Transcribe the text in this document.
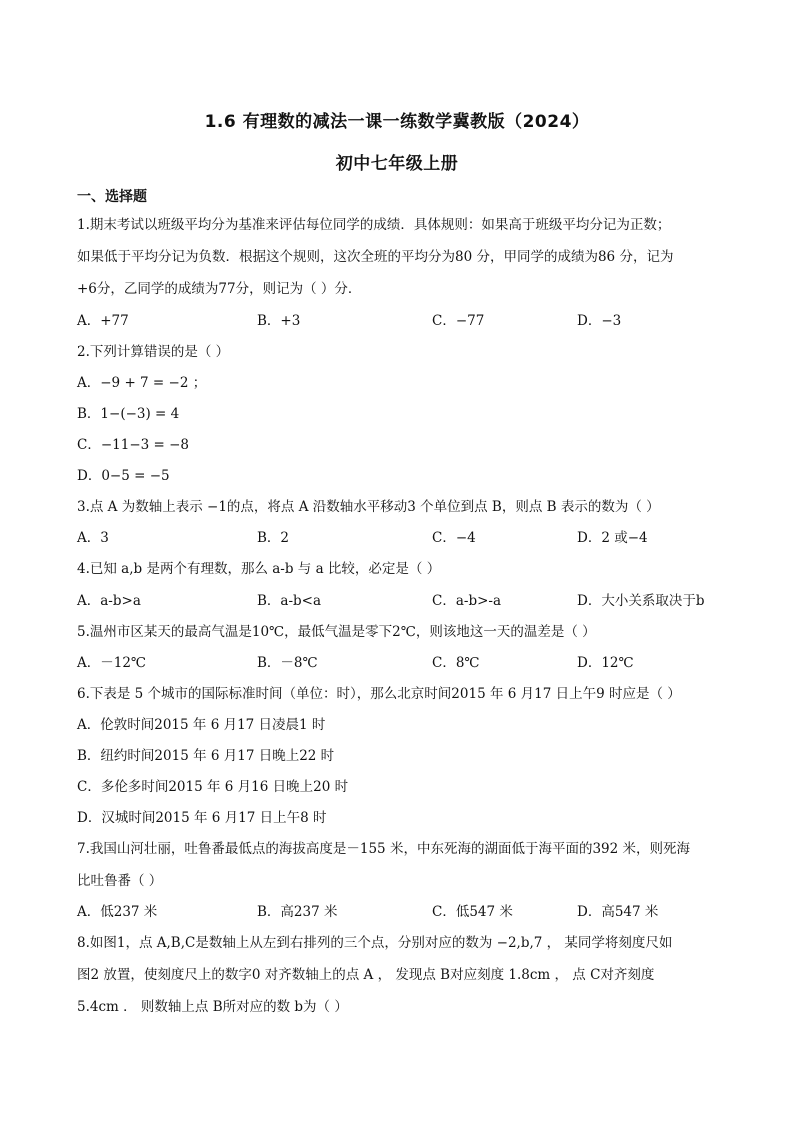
1.6 有理数的减法一课一练数学冀教版（2024）
初中七年级上册
一、选择题
1.期末考试以班级平均分为基准来评估每位同学的成绩．具体规则：如果高于班级平均分记为正数；
如果低于平均分记为负数．根据这个规则，这次全班的平均分为80 分，甲同学的成绩为86 分，记为
+6分，乙同学的成绩为77分，则记为（ ）分．
A．+77	B．+3	C．−77	D．−3
2.下列计算错误的是（ ）
A．−9 + 7 = −2 ；
B．1−(−3) = 4
C．−11−3 = −8
D．0−5 = −5
3.点 A 为数轴上表示 −1的点，将点 A 沿数轴水平移动3 个单位到点 B，则点 B 表示的数为（ ）
A．3	B．2	C．−4	D．2 或−4
4.已知 a,b 是两个有理数，那么 a-b 与 a 比较，必定是（ ）
A．a-b>a	B．a-b<a	C．a-b>-a	D．大小关系取决于b
5.温州市区某天的最高气温是10℃，最低气温是零下2℃，则该地这一天的温差是（ ）
A．－12℃	B．－8℃	C．8℃	D．12℃
6.下表是 5 个城市的国际标准时间（单位：时），那么北京时间2015 年 6 月17 日上午9 时应是（ ）
A．伦敦时间2015 年 6 月17 日凌晨1 时
B．纽约时间2015 年 6 月17 日晚上22 时
C．多伦多时间2015 年 6 月16 日晚上20 时
D．汉城时间2015 年 6 月17 日上午8 时
7.我国山河壮丽，吐鲁番最低点的海拔高度是－155 米，中东死海的湖面低于海平面的392 米，则死海
比吐鲁番（ ）
A．低237 米	B．高237 米	C．低547 米	D．高547 米
8.如图1，点 A,B,C是数轴上从左到右排列的三个点，分别对应的数为 −2,b,7 ， 某同学将刻度尺如
图2 放置，使刻度尺上的数字0 对齐数轴上的点 A ， 发现点 B对应刻度 1.8cm ， 点 C对齐刻度
5.4cm ． 则数轴上点 B所对应的数 b为（ ）
